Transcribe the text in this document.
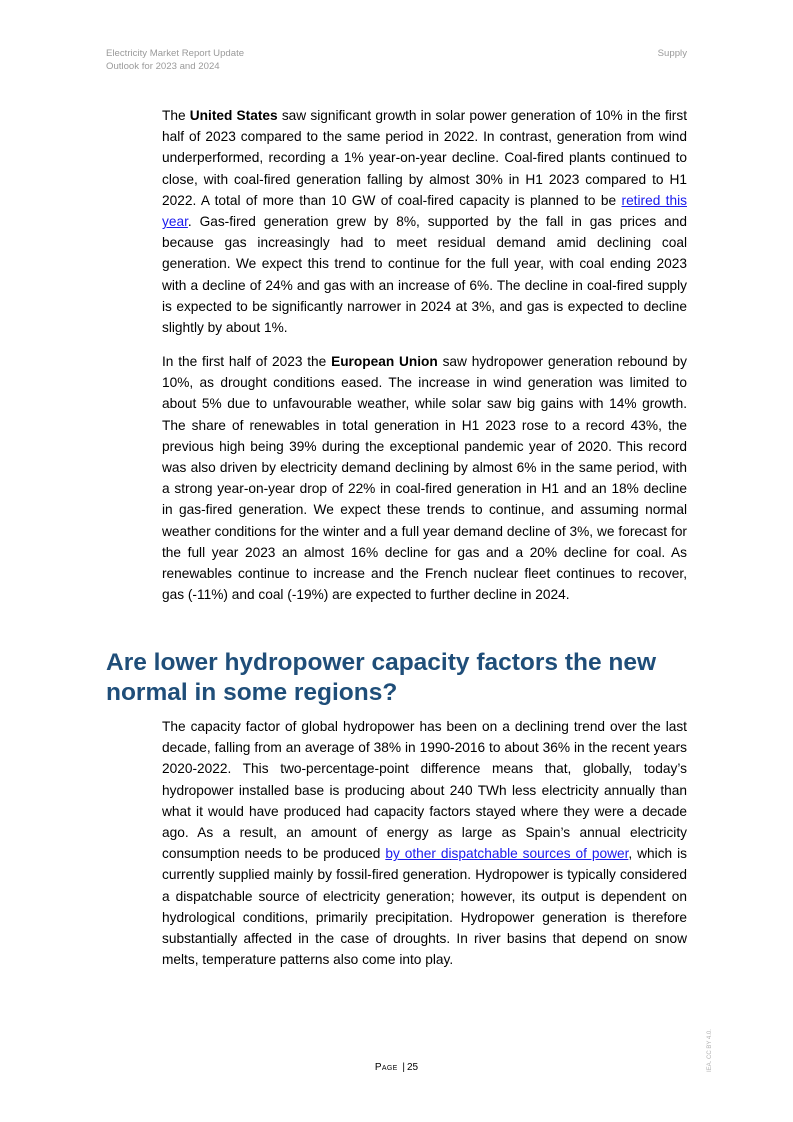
Electricity Market Report Update
Outlook for 2023 and 2024
Supply

The United States saw significant growth in solar power generation of 10% in the first half of 2023 compared to the same period in 2022. In contrast, generation from wind underperformed, recording a 1% year-on-year decline. Coal-fired plants continued to close, with coal-fired generation falling by almost 30% in H1 2023 compared to H1 2022. A total of more than 10 GW of coal-fired capacity is planned to be retired this year. Gas-fired generation grew by 8%, supported by the fall in gas prices and because gas increasingly had to meet residual demand amid declining coal generation. We expect this trend to continue for the full year, with coal ending 2023 with a decline of 24% and gas with an increase of 6%. The decline in coal-fired supply is expected to be significantly narrower in 2024 at 3%, and gas is expected to decline slightly by about 1%.

In the first half of 2023 the European Union saw hydropower generation rebound by 10%, as drought conditions eased. The increase in wind generation was limited to about 5% due to unfavourable weather, while solar saw big gains with 14% growth. The share of renewables in total generation in H1 2023 rose to a record 43%, the previous high being 39% during the exceptional pandemic year of 2020. This record was also driven by electricity demand declining by almost 6% in the same period, with a strong year-on-year drop of 22% in coal-fired generation in H1 and an 18% decline in gas-fired generation. We expect these trends to continue, and assuming normal weather conditions for the winter and a full year demand decline of 3%, we forecast for the full year 2023 an almost 16% decline for gas and a 20% decline for coal. As renewables continue to increase and the French nuclear fleet continues to recover, gas (-11%) and coal (-19%) are expected to further decline in 2024.

Are lower hydropower capacity factors the new normal in some regions?

The capacity factor of global hydropower has been on a declining trend over the last decade, falling from an average of 38% in 1990-2016 to about 36% in the recent years 2020-2022. This two-percentage-point difference means that, globally, today’s hydropower installed base is producing about 240 TWh less electricity annually than what it would have produced had capacity factors stayed where they were a decade ago. As a result, an amount of energy as large as Spain’s annual electricity consumption needs to be produced by other dispatchable sources of power, which is currently supplied mainly by fossil-fired generation. Hydropower is typically considered a dispatchable source of electricity generation; however, its output is dependent on hydrological conditions, primarily precipitation. Hydropower generation is therefore substantially affected in the case of droughts. In river basins that depend on snow melts, temperature patterns also come into play.

Page | 25	IEA. CC BY 4.0.
